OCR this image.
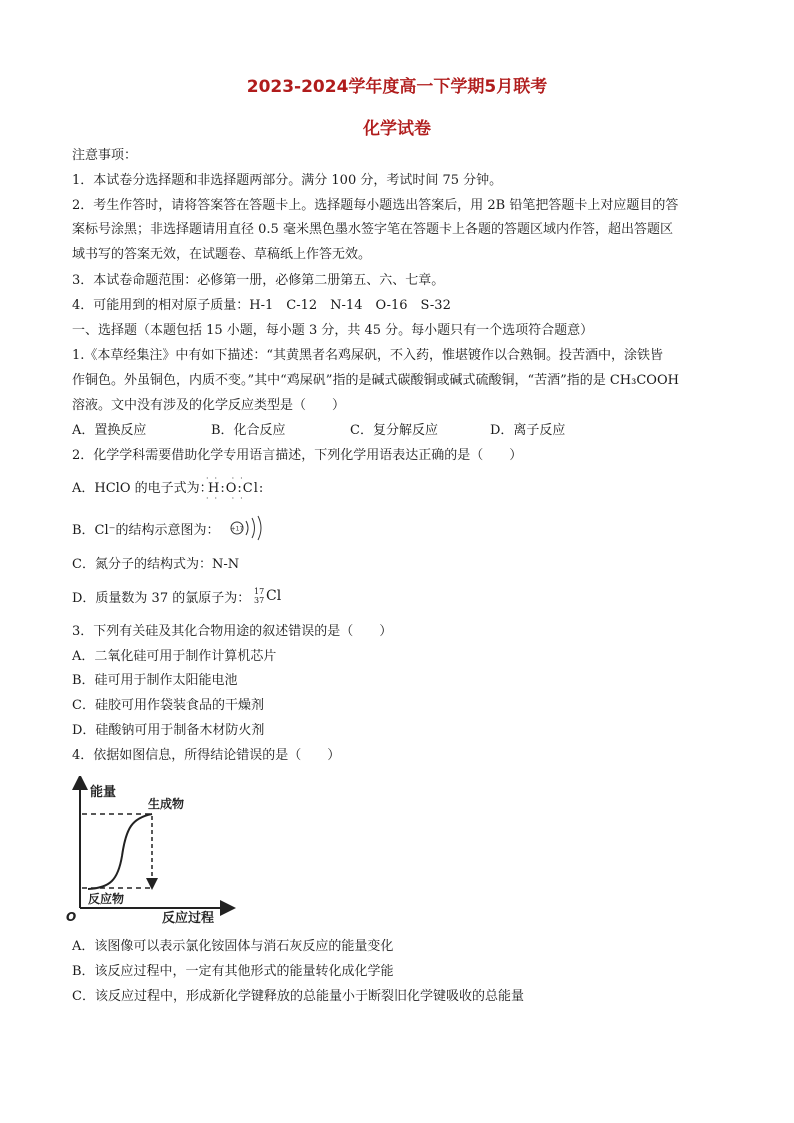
2023-2024学年度高一下学期5月联考
化学试卷
注意事项：
1．本试卷分选择题和非选择题两部分。满分 100 分，考试时间 75 分钟。
2．考生作答时，请将答案答在答题卡上。选择题每小题选出答案后，用 2B 铅笔把答题卡上对应题目的答
案标号涂黑；非选择题请用直径 0.5 毫米黑色墨水签字笔在答题卡上各题的答题区域内作答，超出答题区
域书写的答案无效，在试题卷、草稿纸上作答无效。
3．本试卷命题范围：必修第一册，必修第二册第五、六、七章。
4．可能用到的相对原子质量：H-1　C-12　N-14　O-16　S-32
一、选择题（本题包括 15 小题，每小题 3 分，共 45 分。每小题只有一个选项符合题意）
1.《本草经集注》中有如下描述：“其黄黑者名鸡屎矾，不入药，惟堪镀作以合熟铜。投苦酒中，涂铁皆
作铜色。外虽铜色，内质不变。”其中“鸡屎矾”指的是碱式碳酸铜或碱式硫酸铜，“苦酒”指的是 CH₃COOH
溶液。文中没有涉及的化学反应类型是（　　）
A．置换反应	B．化合反应	C．复分解反应	D．离子反应
2．化学学科需要借助化学专用语言描述，下列化学用语表达正确的是（　　）
A．HClO 的电子式为：
·· ··
H:O:Cl:
·· ··
B．Cl⁻的结构示意图为： +17
C．氮分子的结构式为：N-N
D．质量数为 37 的氯原子为： 17
37 Cl
3．下列有关硅及其化合物用途的叙述错误的是（　　）
A．二氧化硅可用于制作计算机芯片
B．硅可用于制作太阳能电池
C．硅胶可用作袋装食品的干燥剂
D．硅酸钠可用于制备木材防火剂
4．依据如图信息，所得结论错误的是（　　）
能量
反应过程
O
生成物
反应物
A．该图像可以表示氯化铵固体与消石灰反应的能量变化
B．该反应过程中，一定有其他形式的能量转化成化学能
C．该反应过程中，形成新化学键释放的总能量小于断裂旧化学键吸收的总能量
